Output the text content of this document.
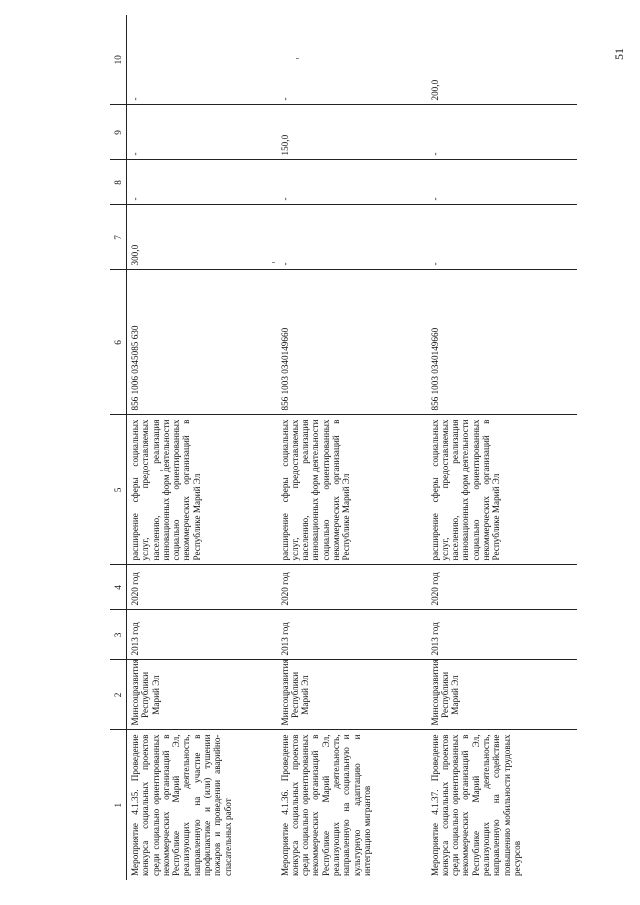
51
1	2	3	4	5	6	7	8	9	10
Мероприятие 4.1.35. Проведение конкурса социальных проектов среди социально ориентированных некоммерческих организаций в Республике Марий Эл, реализующих деятельность, направленную на участие в профилактике и (или) тушении пожаров и проведении аварийно-спасательных работ	Минсоцразвития Республики Марий Эл	2013 год	2020 год	расширение сферы социальных услуг, предоставляемых населению, реализация инновационных форм деятельности социально ориентированных некоммерческих организаций в Республике Марий Эл	856 1006 0345085 630	300,0	-	-	-
Мероприятие 4.1.36. Проведение конкурса социальных проектов среди социально ориентированных некоммерческих организаций в Республике Марий Эл, реализующих деятельность, направленную на социальную и культурную адаптацию и интеграцию мигрантов	Минсоцразвития Республики Марий Эл	2013 год	2020 год	расширение сферы социальных услуг, предоставляемых населению, реализация инновационных форм деятельности социально ориентированных некоммерческих организаций в Республике Марий Эл	856 1003 0340149660	-	-	150,0	-
Мероприятие 4.1.37. Проведение конкурса социальных проектов среди социально ориентированных некоммерческих организаций в Республике Марий Эл, реализующих деятельность, направленную на содействие повышению мобильности трудовых ресурсов	Минсоцразвития Республики Марий Эл	2013 год	2020 год	расширение сферы социальных услуг, предоставляемых населению, реализация инновационных форм деятельности социально ориентированных некоммерческих организаций в Республике Марий Эл	856 1003 0340149660	-	-	-	200,0
